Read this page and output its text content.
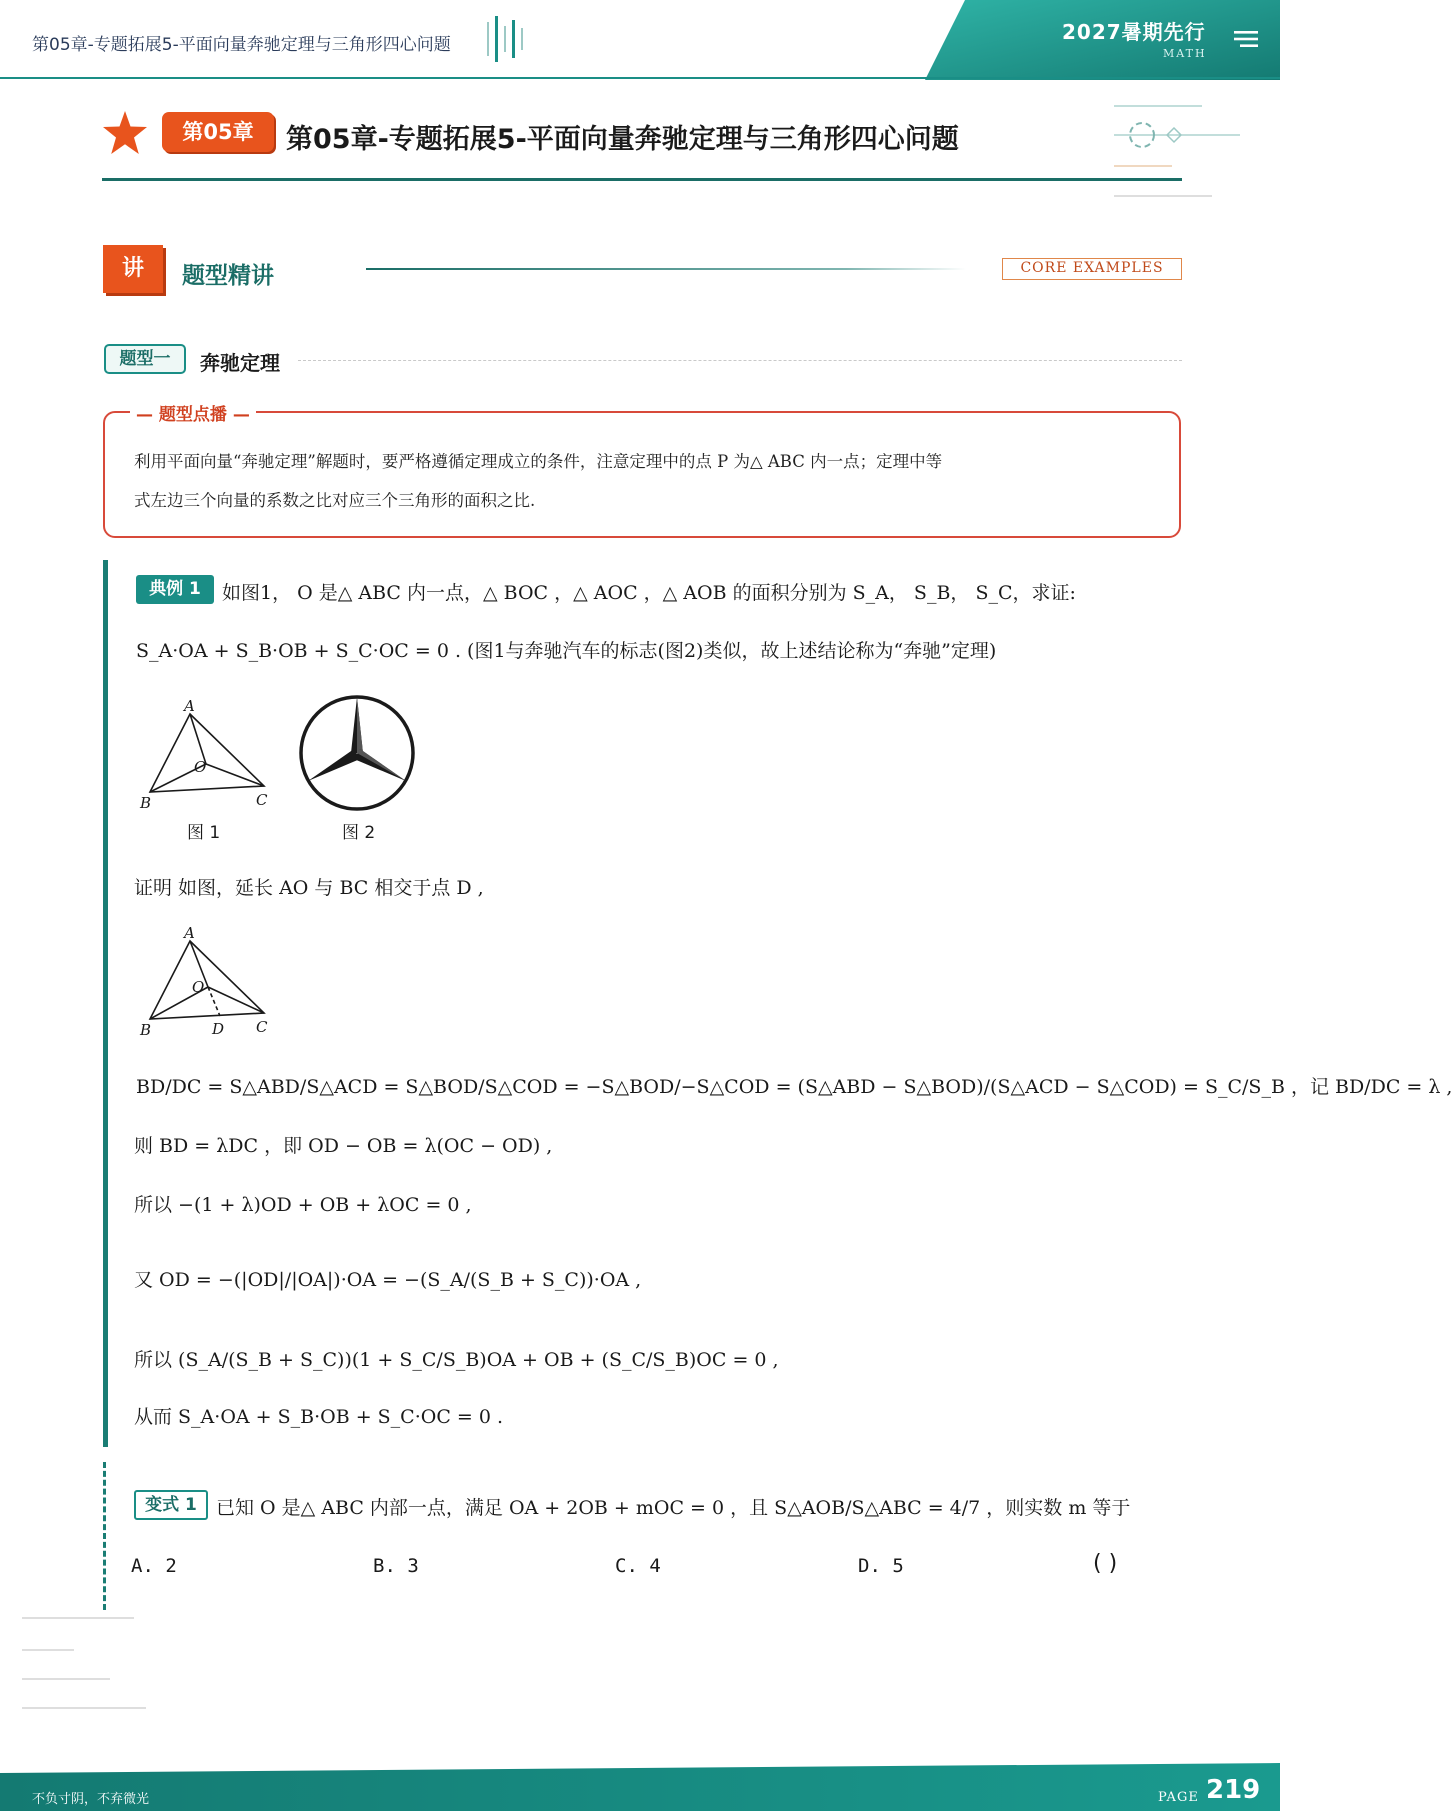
第05章-专题拓展5-平面向量奔驰定理与三角形四心问题
2027暑期先行
MATH
第05章	第05章-专题拓展5-平面向量奔驰定理与三角形四心问题
讲	题型精讲	CORE EXAMPLES
题型一	奔驰定理
— 题型点播 —
利用平面向量“奔驰定理”解题时，要严格遵循定理成立的条件，注意定理中的点 P 为△ ABC 内一点；定理中等
式左边三个向量的系数之比对应三个三角形的面积之比.
典例 1	如图1， O 是△ ABC 内一点，△ BOC ，△ AOC ，△ AOB 的面积分别为 S_A， S_B， S_C，求证:
S_A·OA + S_B·OB + S_C·OC = 0 . (图1与奔驰汽车的标志(图2)类似，故上述结论称为“奔驰”定理)
A
B	C
O
图 1	图 2
证明 如图，延长 AO 与 BC 相交于点 D ,
A
B	C
O
D
BD/DC = S△ABD/S△ACD = S△BOD/S△COD = −S△BOD/−S△COD = (S△ABD − S△BOD)/(S△ACD − S△COD) = S_C/S_B ，记 BD/DC = λ ,
则 BD = λDC ，即 OD − OB = λ(OC − OD) ,
所以 −(1 + λ)OD + OB + λOC = 0 ,
又 OD = −(|OD|/|OA|)·OA = −(S_A/(S_B + S_C))·OA ,
所以 (S_A/(S_B + S_C))(1 + S_C/S_B)OA + OB + (S_C/S_B)OC = 0 ,
从而 S_A·OA + S_B·OB + S_C·OC = 0 .
变式 1	已知 O 是△ ABC 内部一点，满足 OA + 2OB + mOC = 0 ，且 S△AOB/S△ABC = 4/7 ，则实数 m 等于
A. 2	B. 3	C. 4	D. 5	( )
不负寸阴，不弃微光	PAGE 219
